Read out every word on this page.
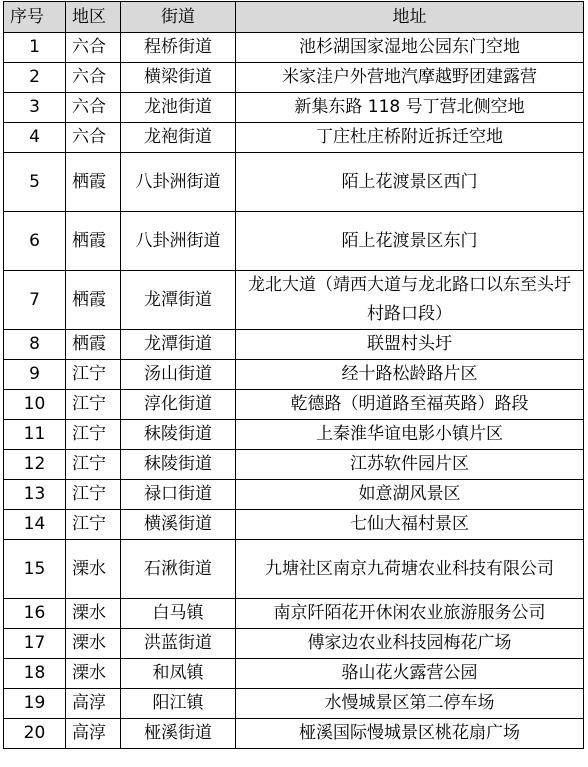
序号	地区	街道	地址
1	六合	程桥街道	池杉湖国家湿地公园东门空地
2	六合	横梁街道	米家洼户外营地汽摩越野团建露营
3	六合	龙池街道	新集东路 118 号丁营北侧空地
4	六合	龙袍街道	丁庄杜庄桥附近拆迁空地
5	栖霞	八卦洲街道	陌上花渡景区西门
6	栖霞	八卦洲街道	陌上花渡景区东门
7	栖霞	龙潭街道	龙北大道（靖西大道与龙北路口以东至头圩村路口段）
8	栖霞	龙潭街道	联盟村头圩
9	江宁	汤山街道	经十路松龄路片区
10	江宁	淳化街道	乾德路（明道路至福英路）路段
11	江宁	秣陵街道	上秦淮华谊电影小镇片区
12	江宁	秣陵街道	江苏软件园片区
13	江宁	禄口街道	如意湖风景区
14	江宁	横溪街道	七仙大福村景区
15	溧水	石湫街道	九塘社区南京九荷塘农业科技有限公司
16	溧水	白马镇	南京阡陌花开休闲农业旅游服务公司
17	溧水	洪蓝街道	傅家边农业科技园梅花广场
18	溧水	和凤镇	骆山花火露营公园
19	高淳	阳江镇	水慢城景区第二停车场
20	高淳	桠溪街道	桠溪国际慢城景区桃花扇广场
